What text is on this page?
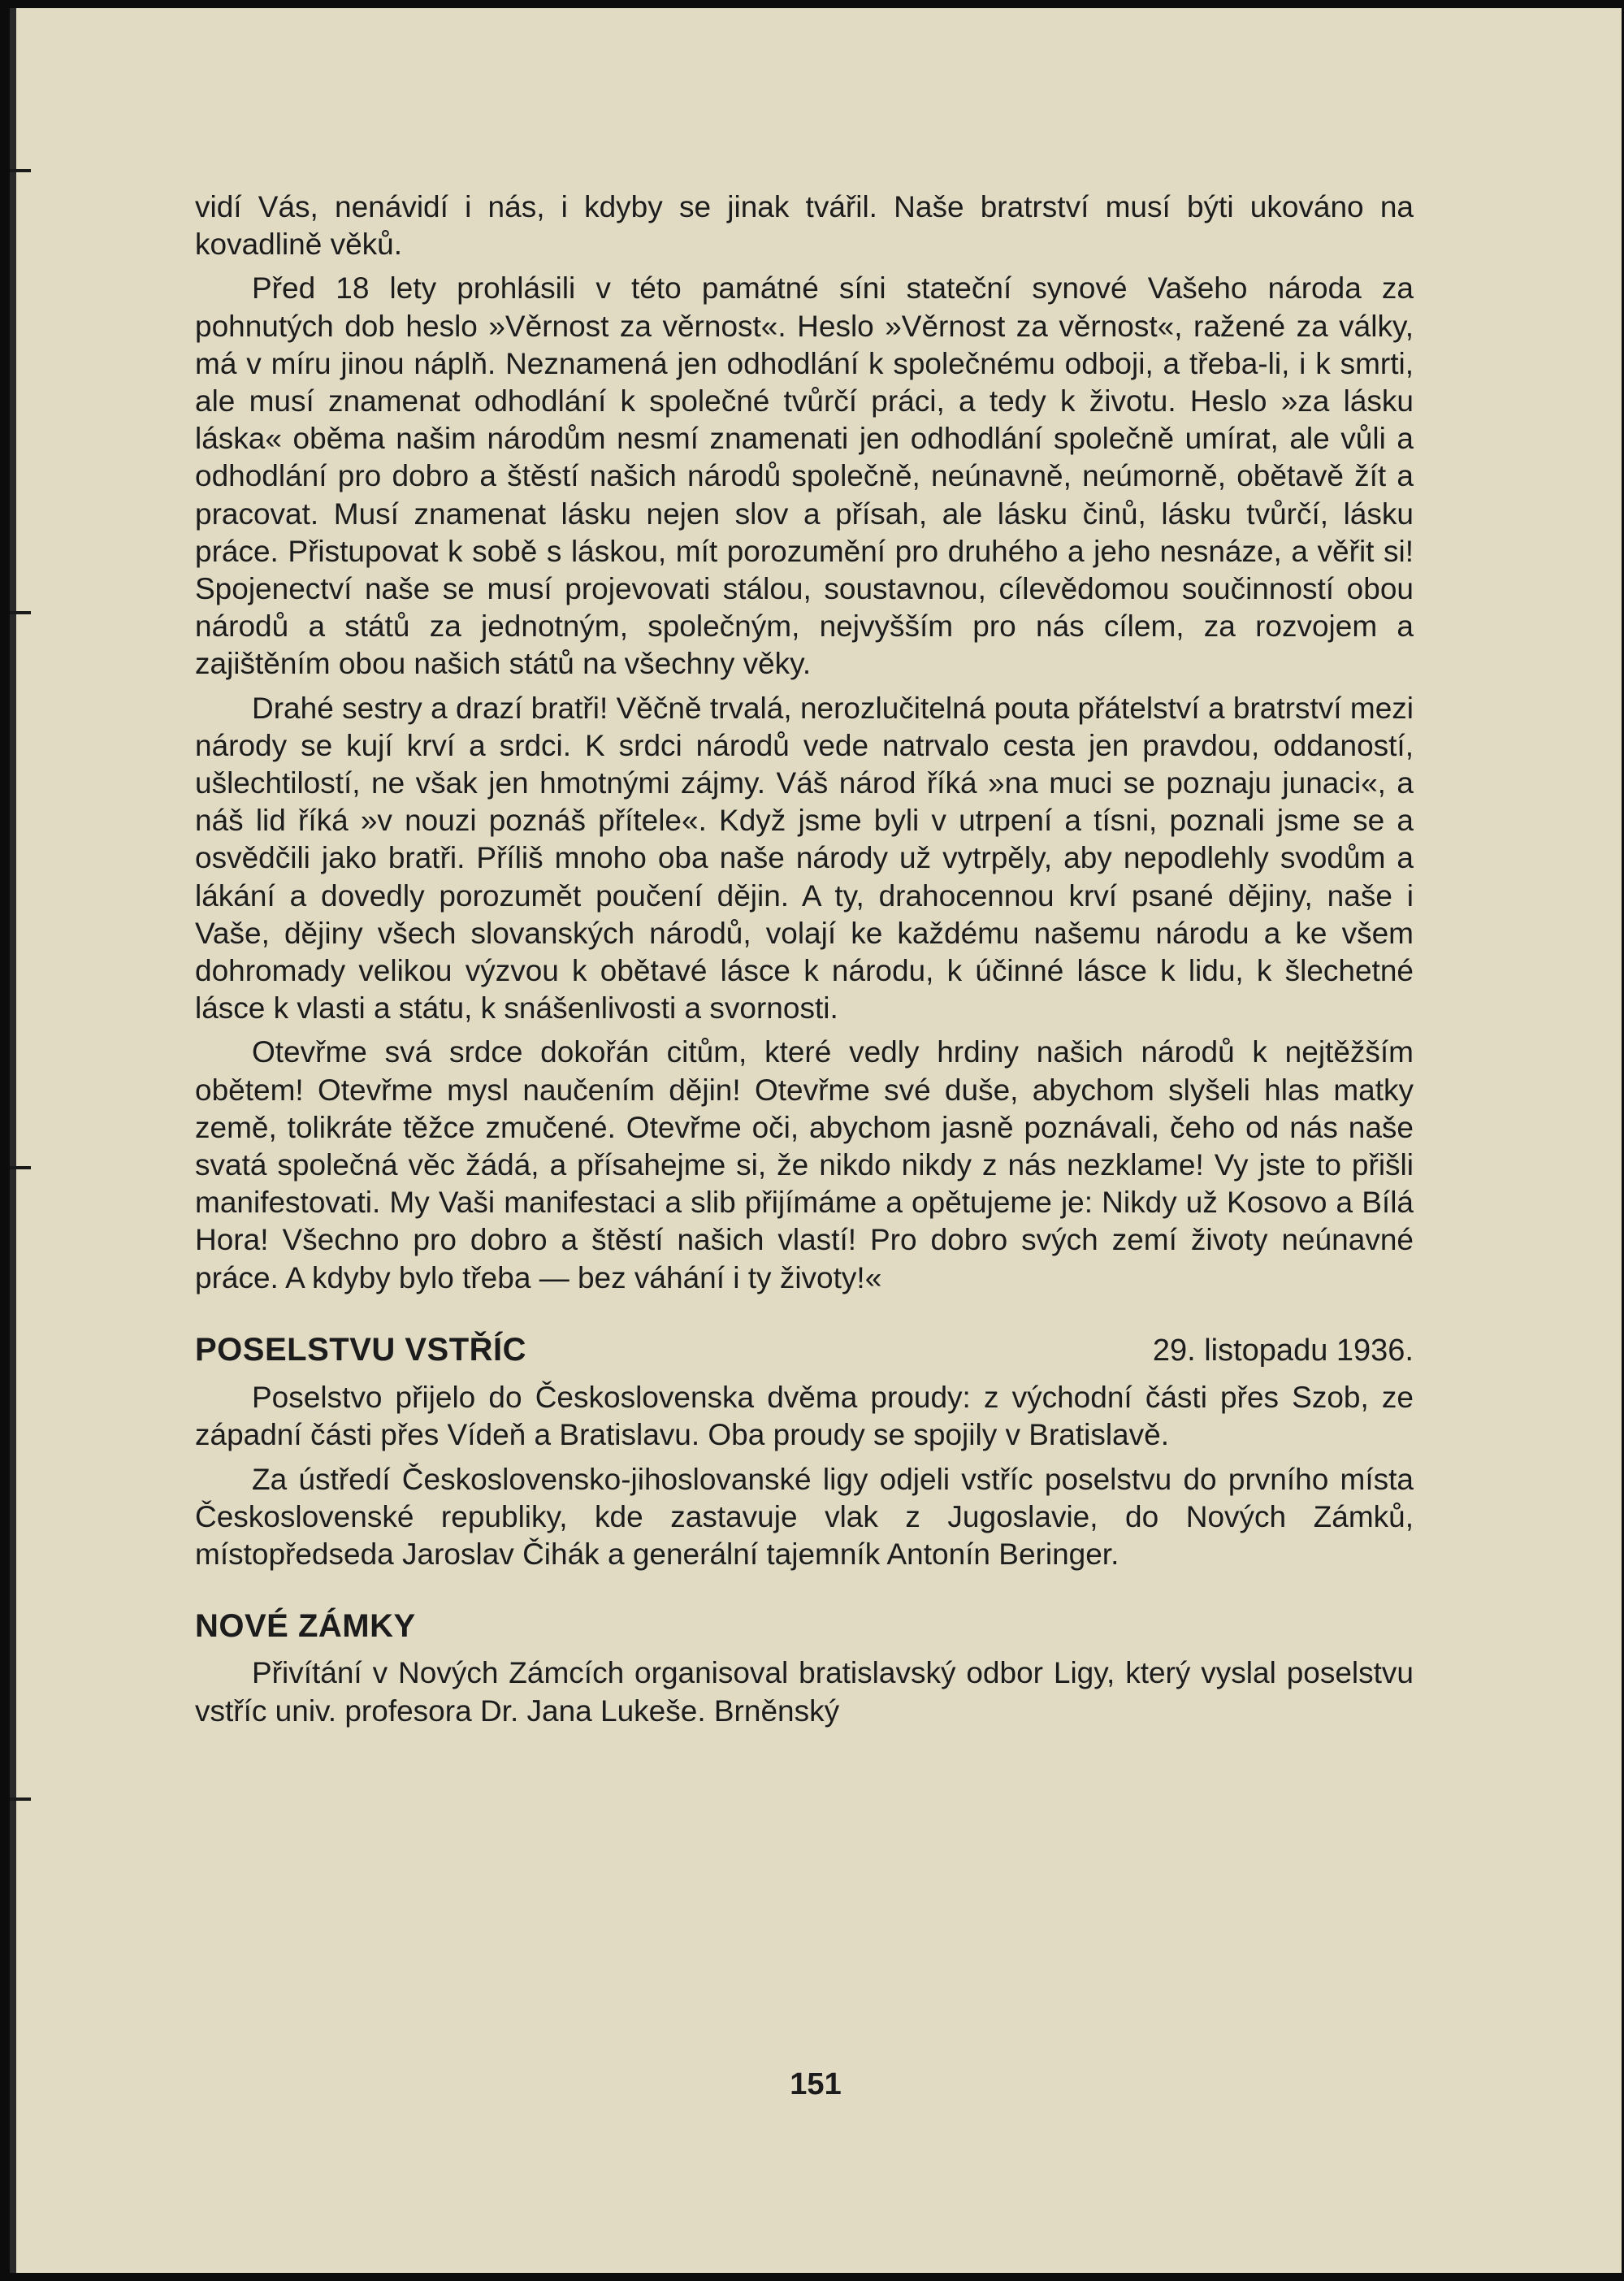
vidí Vás, nenávidí i nás, i kdyby se jinak tvářil. Naše bratrství musí býti ukováno na kovadlině věků.

Před 18 lety prohlásili v této památné síni stateční synové Vašeho národa za pohnutých dob heslo »Věrnost za věrnost«. Heslo »Věrnost za věrnost«, ražené za války, má v míru jinou náplň. Neznamená jen odhodlání k společnému odboji, a třeba-li, i k smrti, ale musí znamenat odhodlání k společné tvůrčí práci, a tedy k životu. Heslo »za lásku láska« oběma našim národům nesmí znamenati jen odhodlání společně umírat, ale vůli a odhodlání pro dobro a štěstí našich národů společně, neúnavně, neúmorně, obětavě žít a pracovat. Musí znamenat lásku nejen slov a přísah, ale lásku činů, lásku tvůrčí, lásku práce. Přistupovat k sobě s láskou, mít porozumění pro druhého a jeho nesnáze, a věřit si! Spojenectví naše se musí projevovati stálou, soustavnou, cílevědomou součinností obou národů a států za jednotným, společným, nejvyšším pro nás cílem, za rozvojem a zajištěním obou našich států na všechny věky.

Drahé sestry a drazí bratři! Věčně trvalá, nerozlučitelná pouta přátelství a bratrství mezi národy se kují krví a srdci. K srdci národů vede natrvalo cesta jen pravdou, oddaností, ušlechtilostí, ne však jen hmotnými zájmy. Váš národ říká »na muci se poznaju junaci«, a náš lid říká »v nouzi poznáš přítele«. Když jsme byli v utrpení a tísni, poznali jsme se a osvědčili jako bratři. Příliš mnoho oba naše národy už vytrpěly, aby nepodlehly svodům a lákání a dovedly porozumět poučení dějin. A ty, drahocennou krví psané dějiny, naše i Vaše, dějiny všech slovanských národů, volají ke každému našemu národu a ke všem dohromady velikou výzvou k obětavé lásce k národu, k účinné lásce k lidu, k šlechetné lásce k vlasti a státu, k snášenlivosti a svornosti.

Otevřme svá srdce dokořán citům, které vedly hrdiny našich národů k nejtěžším obětem! Otevřme mysl naučením dějin! Otevřme své duše, abychom slyšeli hlas matky země, tolikráte těžce zmučené. Otevřme oči, abychom jasně poznávali, čeho od nás naše svatá společná věc žádá, a přísahejme si, že nikdo nikdy z nás nezklame! Vy jste to přišli manifestovati. My Vaši manifestaci a slib přijímáme a opětujeme je: Nikdy už Kosovo a Bílá Hora! Všechno pro dobro a štěstí našich vlastí! Pro dobro svých zemí životy neúnavné práce. A kdyby bylo třeba — bez váhání i ty životy!«

POSELSTVU VSTŘÍC	29. listopadu 1936.

Poselstvo přijelo do Československa dvěma proudy: z východní části přes Szob, ze západní části přes Vídeň a Bratislavu. Oba proudy se spojily v Bratislavě.

Za ústředí Československo-jihoslovanské ligy odjeli vstříc poselstvu do prvního místa Československé republiky, kde zastavuje vlak z Jugoslavie, do Nových Zámků, místopředseda Jaroslav Čihák a generální tajemník Antonín Beringer.

NOVÉ ZÁMKY

Přivítání v Nových Zámcích organisoval bratislavský odbor Ligy, který vyslal poselstvu vstříc univ. profesora Dr. Jana Lukeše. Brněnský

151
